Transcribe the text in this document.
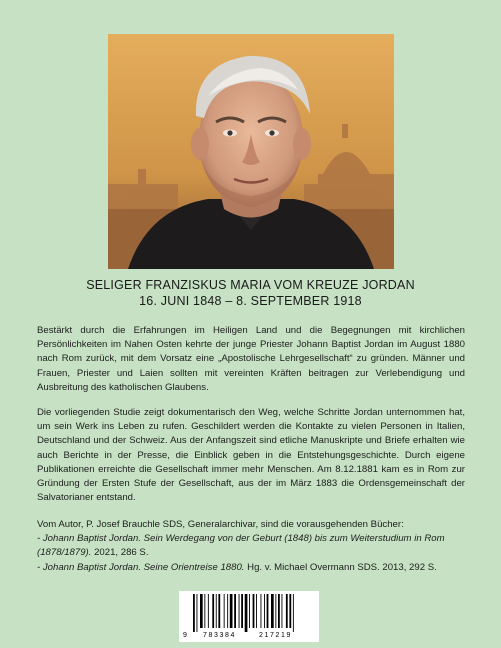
SELIGER FRANZISKUS MARIA VOM KREUZE JORDAN
16. JUNI 1848 – 8. SEPTEMBER 1918

Bestärkt durch die Erfahrungen im Heiligen Land und die Begegnungen mit kirchlichen Persönlichkeiten im Nahen Osten kehrte der junge Priester Johann Baptist Jordan im August 1880 nach Rom zurück, mit dem Vorsatz eine „Apostolische Lehrgesellschaft“ zu gründen. Männer und Frauen, Priester und Laien sollten mit vereinten Kräften beitragen zur Verlebendigung und Ausbreitung des katholischen Glaubens.

Die vorliegenden Studie zeigt dokumentarisch den Weg, welche Schritte Jordan unternommen hat, um sein Werk ins Leben zu rufen. Geschildert werden die Kontakte zu vielen Personen in Italien, Deutschland und der Schweiz. Aus der Anfangszeit sind etliche Manuskripte und Briefe erhalten wie auch Berichte in der Presse, die Einblick geben in die Entstehungsgeschichte. Durch eigene Publikationen erreichte die Gesellschaft immer mehr Menschen. Am 8.12.1881 kam es in Rom zur Gründung der Ersten Stufe der Gesellschaft, aus der im März 1883 die Ordensgemeinschaft der Salvatorianer entstand.

Vom Autor, P. Josef Brauchle SDS, Generalarchivar, sind die vorausgehenden Bücher:
- Johann Baptist Jordan. Sein Werdegang von der Geburt (1848) bis zum Weiterstudium in Rom (1878/1879). 2021, 286 S.
- Johann Baptist Jordan. Seine Orientreise 1880. Hg. v. Michael Overmann SDS. 2013, 292 S.

9 783384	217219
